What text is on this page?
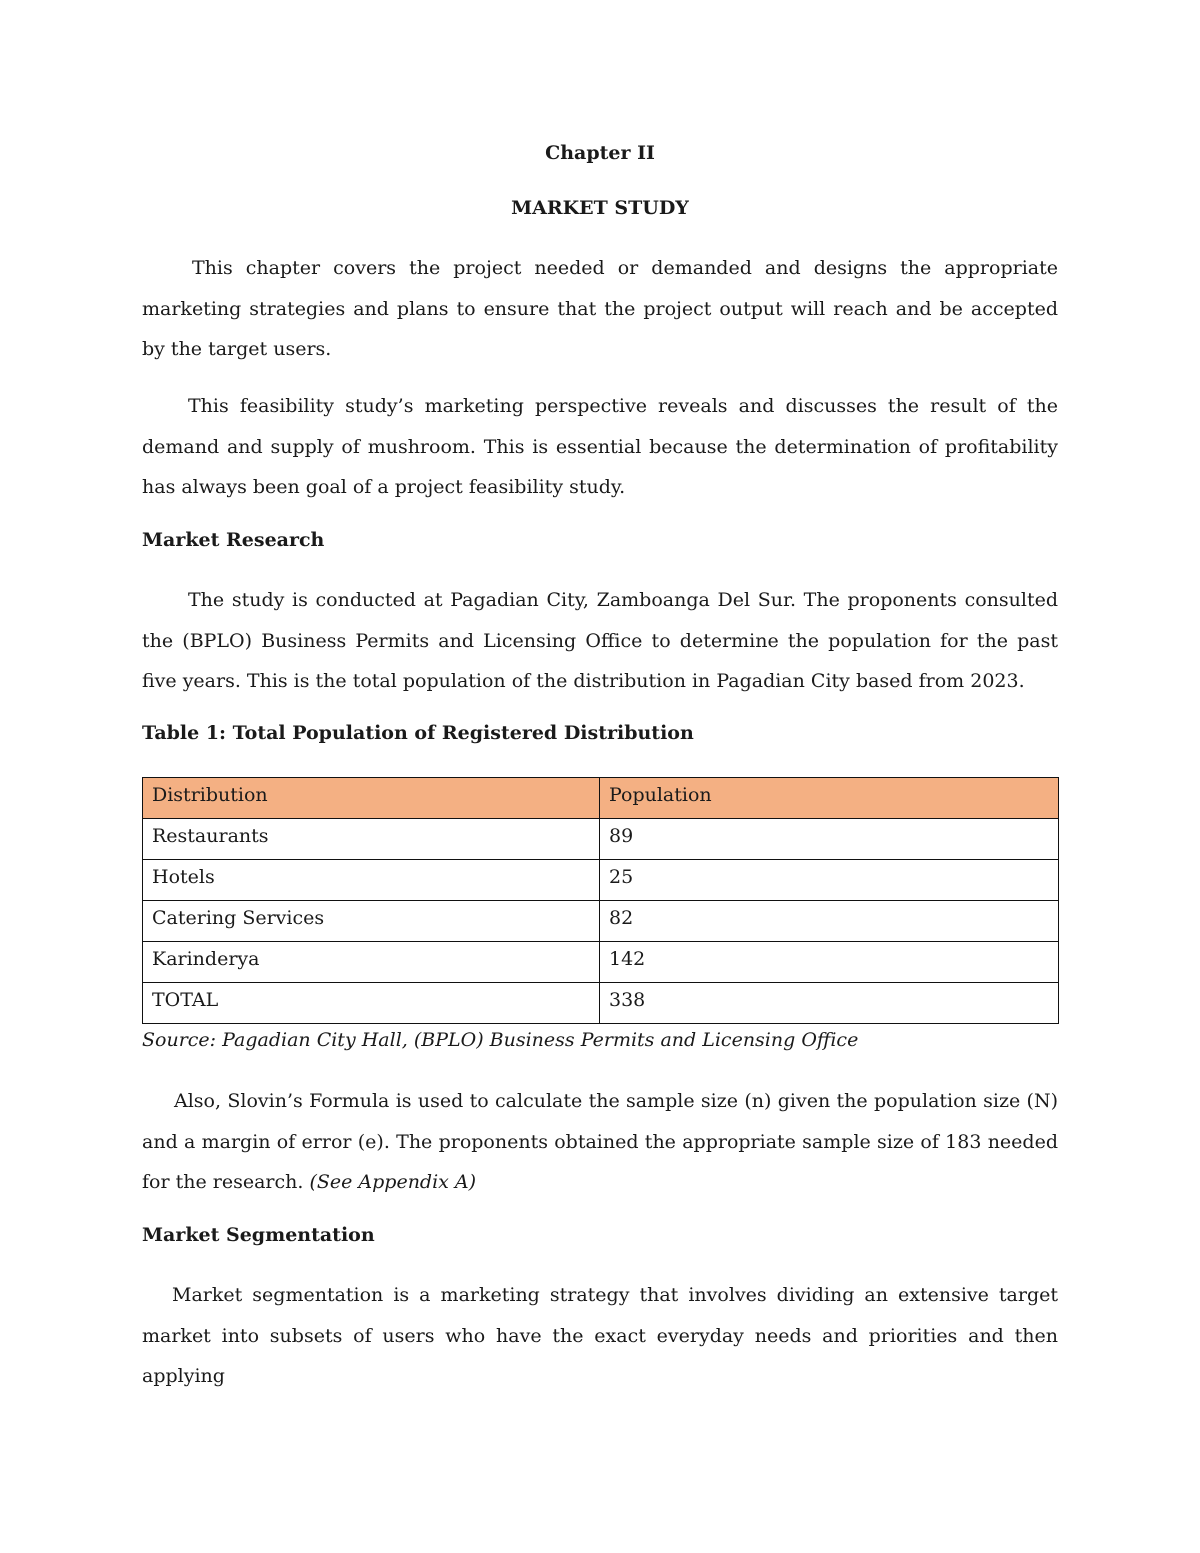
Chapter II
MARKET STUDY

This chapter covers the project needed or demanded and designs the appropriate marketing strategies and plans to ensure that the project output will reach and be accepted by the target users.

This feasibility study’s marketing perspective reveals and discusses the result of the demand and supply of mushroom. This is essential because the determination of profitability has always been goal of a project feasibility study.

Market Research

The study is conducted at Pagadian City, Zamboanga Del Sur. The proponents consulted the (BPLO) Business Permits and Licensing Office to determine the population for the past five years. This is the total population of the distribution in Pagadian City based from 2023.

Table 1: Total Population of Registered Distribution
Distribution	Population
Restaurants	89
Hotels	25
Catering Services	82
Karinderya	142
TOTAL	338

Source: Pagadian City Hall, (BPLO) Business Permits and Licensing Office

Also, Slovin’s Formula is used to calculate the sample size (n) given the population size (N) and a margin of error (e). The proponents obtained the appropriate sample size of 183 needed for the research. (See Appendix A)

Market Segmentation

Market segmentation is a marketing strategy that involves dividing an extensive target market into subsets of users who have the exact everyday needs and priorities and then applying
